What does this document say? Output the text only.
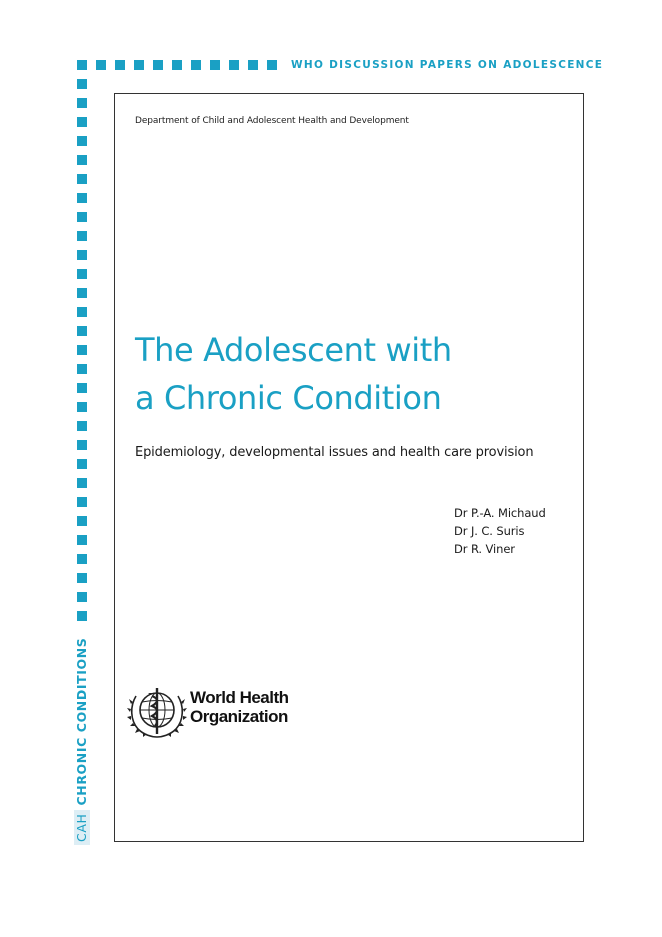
WHO DISCUSSION PAPERS ON ADOLESCENCE
Department of Child and Adolescent Health and Development
The Adolescent with
a Chronic Condition
Epidemiology, developmental issues and health care provision
Dr P.-A. Michaud
Dr J. C. Suris
Dr R. Viner
World Health
Organization
CAHCHRONIC CONDITIONS
